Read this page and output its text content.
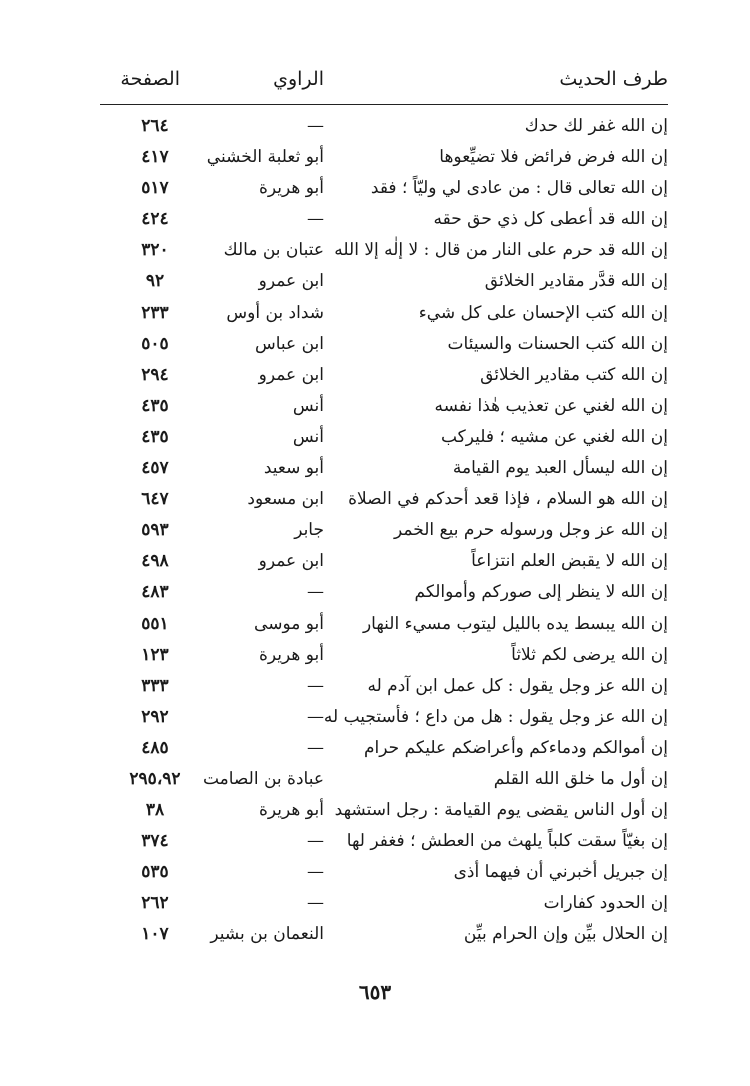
طرف الحديث
الراوي
الصفحة
إن الله غفر لك حدك
—
٢٦٤
إن الله فرض فرائض فلا تضيِّعوها
أبو ثعلبة الخشني
٤١٧
إن الله تعالى قال : من عادى لي وليّاً ؛ فقد
أبو هريرة
٥١٧
إن الله قد أعطى كل ذي حق حقه
—
٤٢٤
إن الله قد حرم على النار من قال : لا إلٰه إلا الله
عتبان بن مالك
٣٢٠
إن الله قدَّر مقادير الخلائق
ابن عمرو
٩٢
إن الله كتب الإحسان على كل شيء
شداد بن أوس
٢٣٣
إن الله كتب الحسنات والسيئات
ابن عباس
٥٠٥
إن الله كتب مقادير الخلائق
ابن عمرو
٢٩٤
إن الله لغني عن تعذيب هٰذا نفسه
أنس
٤٣٥
إن الله لغني عن مشيه ؛ فليركب
أنس
٤٣٥
إن الله ليسأل العبد يوم القيامة
أبو سعيد
٤٥٧
إن الله هو السلام ، فإذا قعد أحدكم في الصلاة
ابن مسعود
٦٤٧
إن الله عز وجل ورسوله حرم بيع الخمر
جابر
٥٩٣
إن الله لا يقبض العلم انتزاعاً
ابن عمرو
٤٩٨
إن الله لا ينظر إلى صوركم وأموالكم
—
٤٨٣
إن الله يبسط يده بالليل ليتوب مسيء النهار
أبو موسى
٥٥١
إن الله يرضى لكم ثلاثاً
أبو هريرة
١٢٣
إن الله عز وجل يقول : كل عمل ابن آدم له
—
٣٣٣
إن الله عز وجل يقول : هل من داع ؛ فأستجيب له
—
٢٩٢
إن أموالكم ودماءكم وأعراضكم عليكم حرام
—
٤٨٥
إن أول ما خلق الله القلم
عبادة بن الصامت
٢٩٥،٩٢
إن أول الناس يقضى يوم القيامة : رجل استشهد
أبو هريرة
٣٨
إن بغيّاً سقت كلباً يلهث من العطش ؛ فغفر لها
—
٣٧٤
إن جبريل أخبرني أن فيهما أذى
—
٥٣٥
إن الحدود كفارات
—
٢٦٢
إن الحلال بيِّن وإن الحرام بيِّن
النعمان بن بشير
١٠٧
٦٥٣
